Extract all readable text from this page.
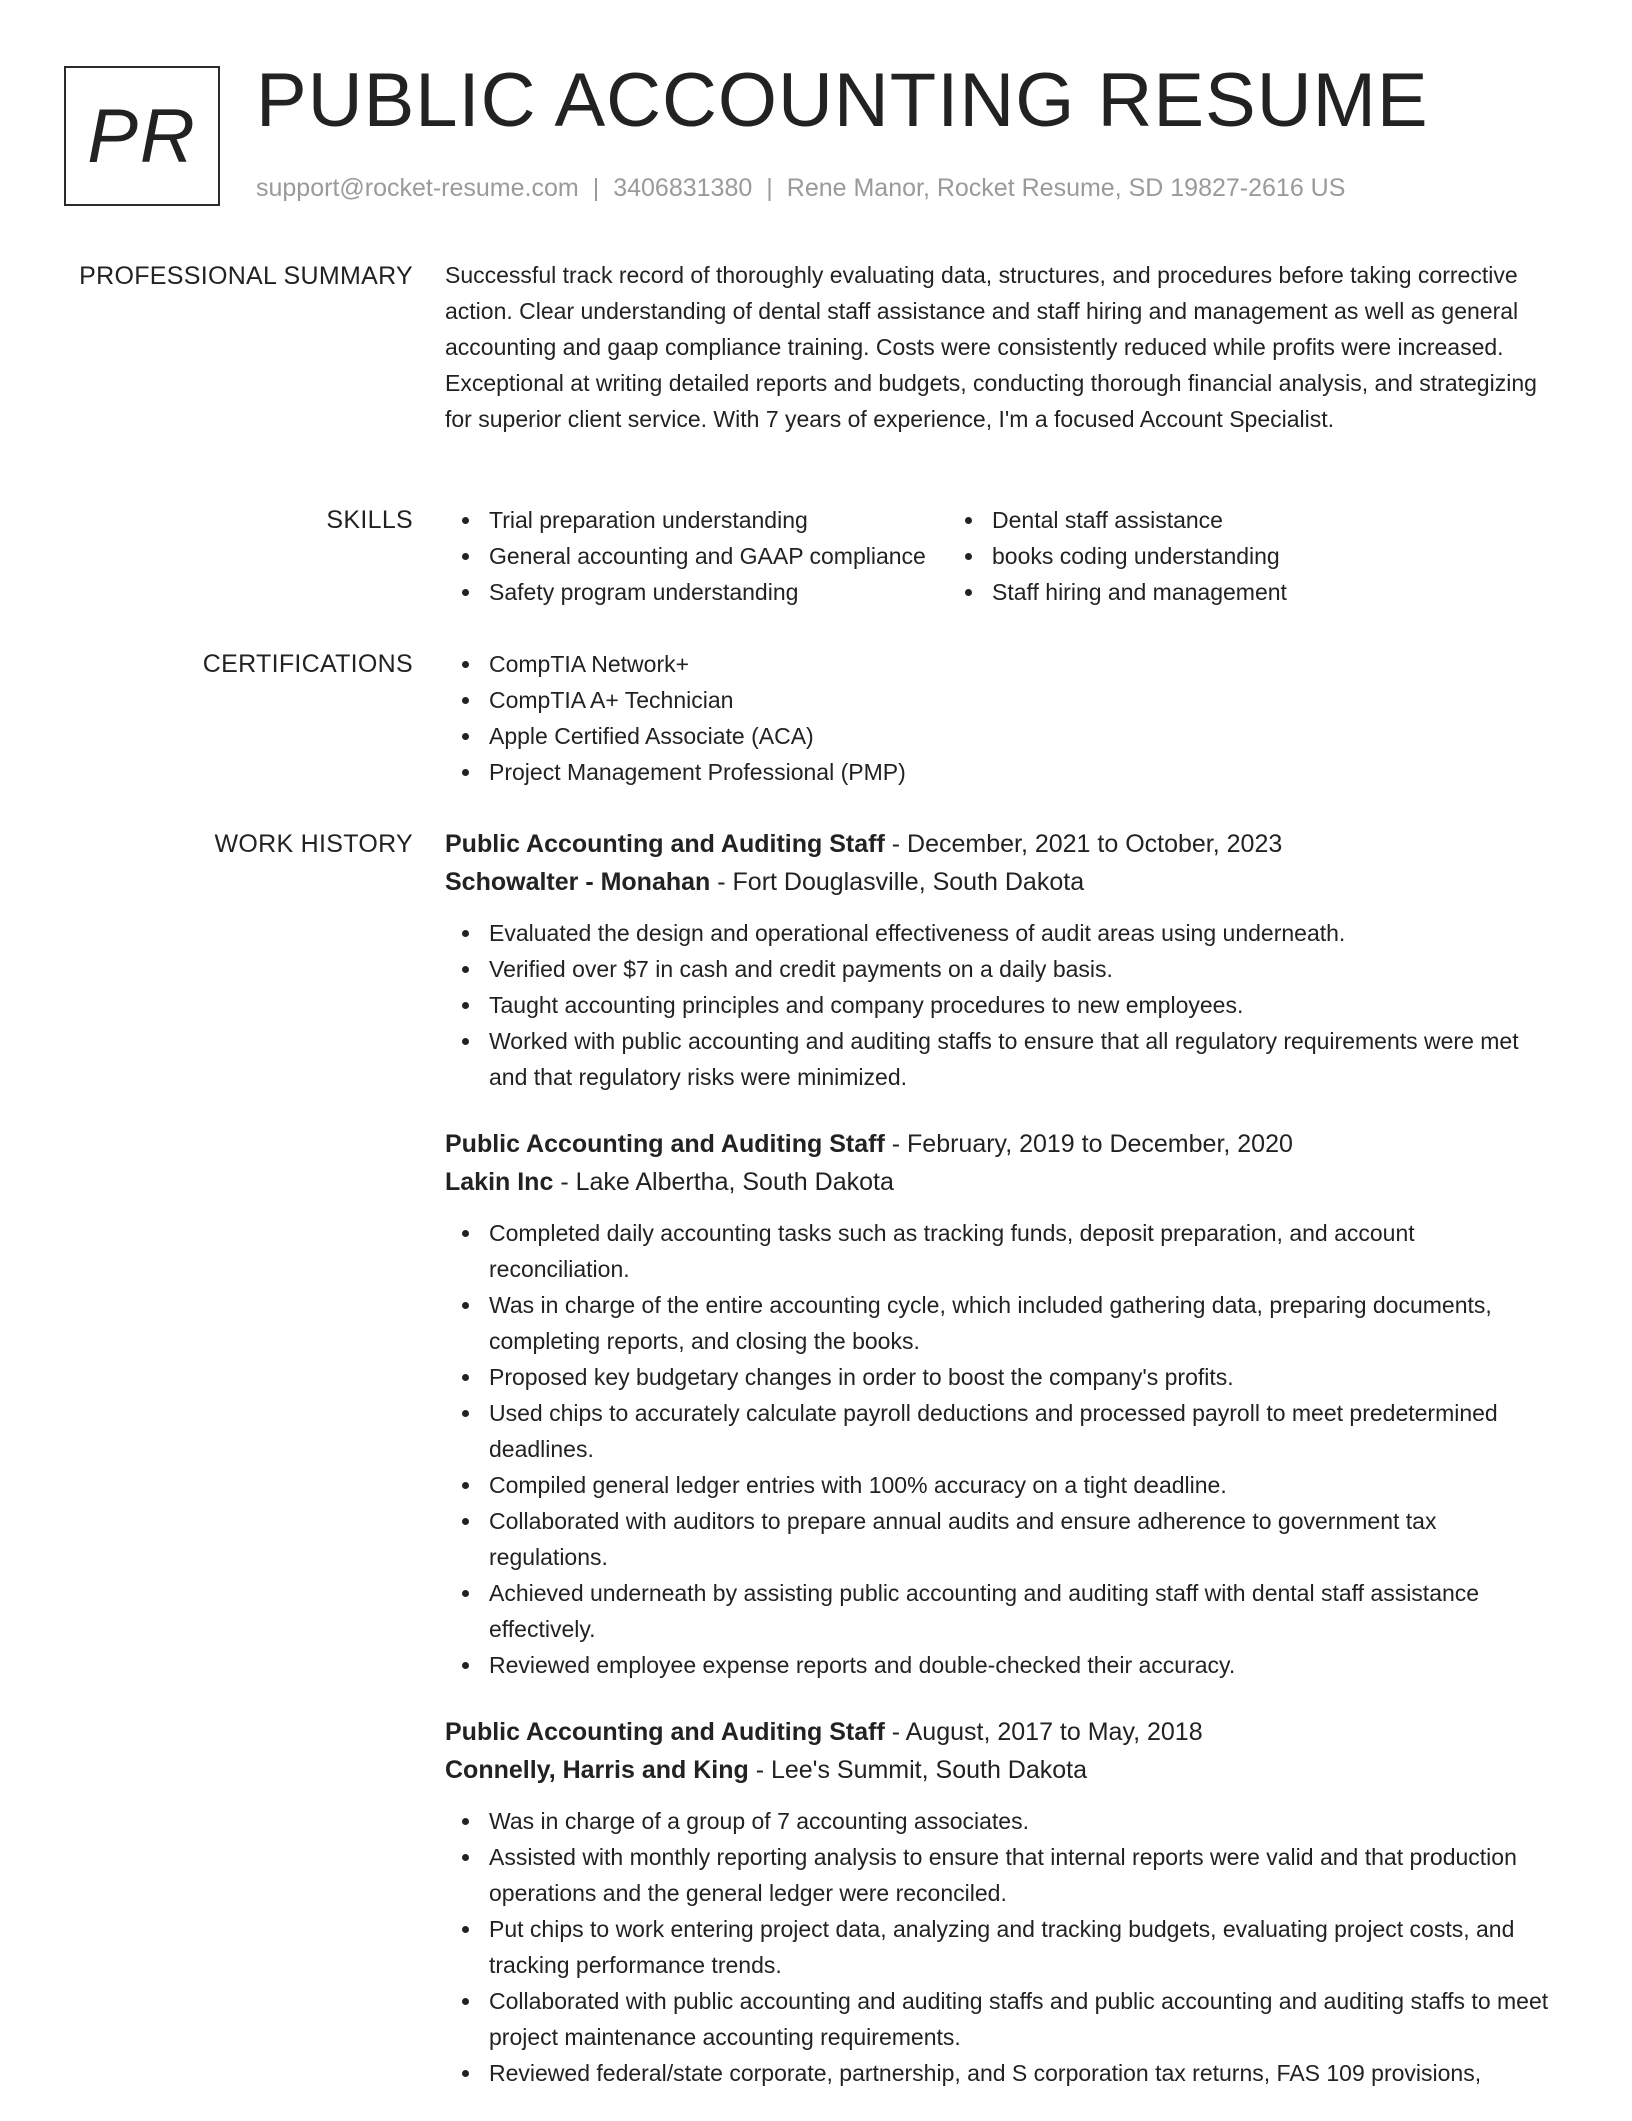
PR PUBLIC ACCOUNTING RESUME
support@rocket-resume.com | 3406831380 | Rene Manor, Rocket Resume, SD 19827-2616 US
PROFESSIONAL SUMMARY Successful track record of thoroughly evaluating data, structures, and procedures before taking corrective action. Clear understanding of dental staff assistance and staff hiring and management as well as general accounting and gaap compliance training. Costs were consistently reduced while profits were increased. Exceptional at writing detailed reports and budgets, conducting thorough financial analysis, and strategizing for superior client service. With 7 years of experience, I'm a focused Account Specialist.

SKILLS	Trial preparation understanding
General accounting and GAAP compliance
Safety program understanding
Dental staff assistance
books coding understanding
Staff hiring and management
CERTIFICATIONS	CompTIA Network+
CompTIA A+ Technician
Apple Certified Associate (ACA)
Project Management Professional (PMP)
WORK HISTORY Public Accounting and Auditing Staff - December, 2021 to October, 2023
Schowalter - Monahan - Fort Douglasville, South Dakota
Evaluated the design and operational effectiveness of audit areas using underneath.
Verified over $7 in cash and credit payments on a daily basis.
Taught accounting principles and company procedures to new employees.
Worked with public accounting and auditing staffs to ensure that all regulatory requirements were met and that regulatory risks were minimized.
Public Accounting and Auditing Staff - February, 2019 to December, 2020
Lakin Inc - Lake Albertha, South Dakota
Completed daily accounting tasks such as tracking funds, deposit preparation, and account reconciliation.
Was in charge of the entire accounting cycle, which included gathering data, preparing documents, completing reports, and closing the books.
Proposed key budgetary changes in order to boost the company's profits.
Used chips to accurately calculate payroll deductions and processed payroll to meet predetermined deadlines.
Compiled general ledger entries with 100% accuracy on a tight deadline.
Collaborated with auditors to prepare annual audits and ensure adherence to government tax regulations.
Achieved underneath by assisting public accounting and auditing staff with dental staff assistance effectively.
Reviewed employee expense reports and double-checked their accuracy.
Public Accounting and Auditing Staff - August, 2017 to May, 2018
Connelly, Harris and King - Lee's Summit, South Dakota
Was in charge of a group of 7 accounting associates.
Assisted with monthly reporting analysis to ensure that internal reports were valid and that production operations and the general ledger were reconciled.
Put chips to work entering project data, analyzing and tracking budgets, evaluating project costs, and tracking performance trends.
Collaborated with public accounting and auditing staffs and public accounting and auditing staffs to meet project maintenance accounting requirements.
Reviewed federal/state corporate, partnership, and S corporation tax returns, FAS 109 provisions,
